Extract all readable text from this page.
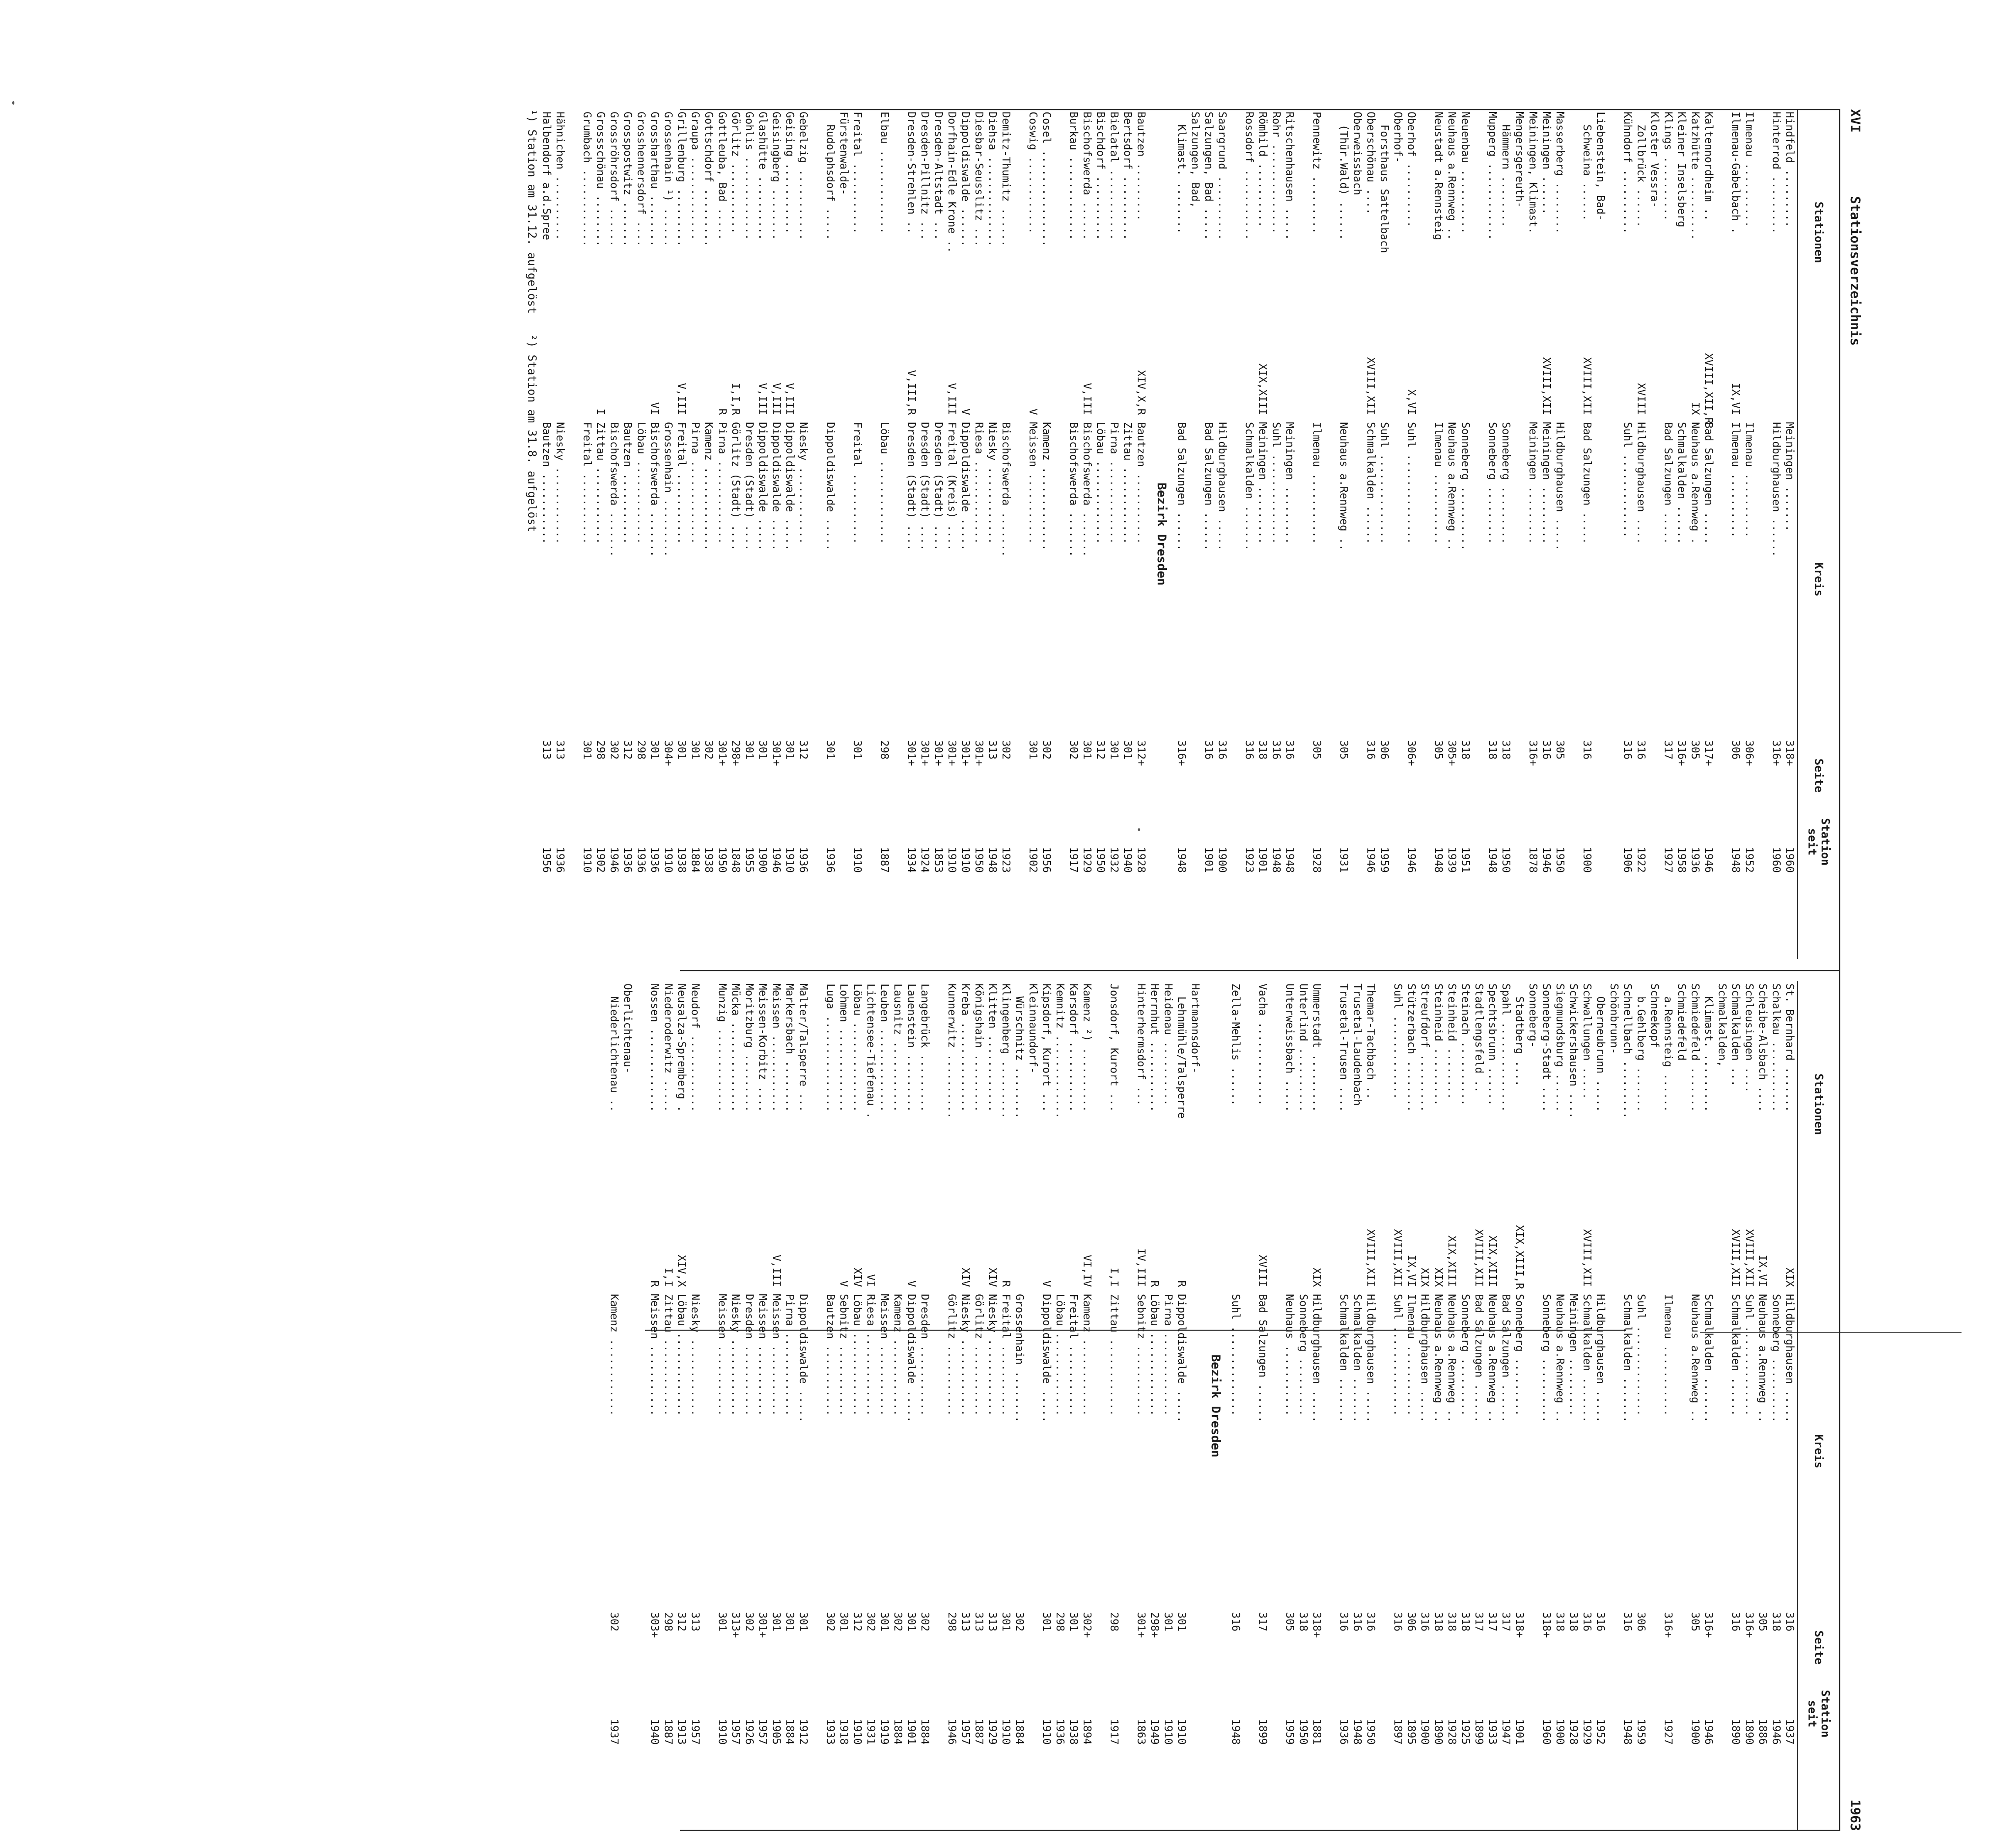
XVI
Stationsverzeichnis
1963
Stationen
Kreis
Seite
Station seit
Hindfeld .........
Meiningen .......
318+
1960
Hinterrod .........
Hildburghausen ......
316+
1960
Ilmenau ..........
Ilmenau ..........
306+
1952
Ilmenau-Gabelbach .
IX,VI
Ilmenau ..........
306
1948
Kaltennordheim ..
XVIII,XII,R
Bad Salzungen .....
317+
1946
Katzhütte ..........
IX
Neuhaus a.Rennweg .
305
1936
Kleiner Inselsberg
Schmalkalden ......
316+
1958
Klings ..........
Bad Salzungen .....
317
1927
Kloster Vessra-
Zollbrück ......
XVIII
Hildburghausen ....
316
1922
Kühndorf ..........
Suhl .............
316
1906
Liebenstein, Bad-
Schweina ......
XVIII,XII
Bad Salzungen .....
316
1900
Masserberg ........
Hildburghausen .....
305
1950
Meiningen ......
XVIII,XII
Meiningen .........
316
1946
Meiningen, Klimast.
Meiningen .........
316+
1878
Mengersgereuth-
Hämmern ........
Sonneberg .........
318
1950
Mupperg ............
Sonneberg .........
318
1948
Neuenbau ..........
Sonneberg ..........
318
1951
Neuhaus a.Rennweg ..
Neuhaus a.Rennweg ..
305+
1939
Neustadt a.Rennsteig
Ilmenau ...........
305
1948
Oberhof ..........
X,VI
Suhl ..............
306+
1946
Oberhof-
Forsthaus Sattelbach
Suhl ..............
306
1959
Oberschönau ....
XVIII,XII
Schmalkalden ......
316
1946
Oberweissbach
(Thür.Wald) ......
Neuhaus a.Rennweg ..
305
1931
Pennewitz .........
Ilmenau ...........
305
1928
Ritschenhausen .....
Meiningen .........
316
1948
Rohr ..............
Suhl ..............
316
1948
Römhild ..........
XIX,XIII
Meiningen .........
318
1901
Rossdorf ...........
Schmalkalden .......
316
1923
Saargrund ..........
Hildburghausen .....
316
1900
Salzungen, Bad .....
Bad Salzungen ......
316
1901
Salzungen, Bad,
Klimast. ........
Bad Salzungen ......
316+
1948
Bezirk Dresden
Bautzen .........
XIV,X,R
Bautzen ...........
312+
1928
Bertsdorf ..........
Zittau ............
301
1940
Bielatal ...........
Pirna .............
301
1932
Bischdorf ..........
Löbau .............
312
1950
Bischofswerda ......
V,III
Bischofswerda .......
301
1929
Burkau .............
Bischofswerda .......
302
1917
Cosel ...............
Kamenz .............
302
1956
Coswig ............
V
Meissen ...........
301
1902
Demitz-Thumitz ......
Bischofswerda .......
302
1923
Diehsa ..............
Niesky ............
313
1948
Diesbar-Seusslitz ...
Riesa .............
301+
1950
Dippoldiswalde ......
V
Dippoldiswalde .....
301+
1910
Dorfhain-Edle Krone ..
V,III
Freital (Kreis) ....
301+
1910
Dresden-Altstadt ...
Dresden (Stadt) ....
301+
1853
Dresden-Pillnitz ...
Dresden (Stadt) ....
301+
1924
Dresden-Strehlen ..
V,III,R
Dresden (Stadt) ....
301+
1934
Elbau .............
Löbau .............
298
1887
Freital ...........
Freital ...........
301
1910
Fürstenwalde-
Rudolphsdorf .....
Dippoldiswalde .....
301
1936
Gebelzig ...........
Niesky ............
312
1936
Geising ...........
V,III
Dippoldiswalde .....
301
1910
Geisingberg ........
V,III
Dippoldiswalde .....
301+
1946
Glashütte ..........
V,III
Dippoldiswalde .....
301
1900
Gohlis .............
Dresden (Stadt) ....
301
1955
Görlitz ...........
I,I,R
Görlitz (Stadt) ....
298+
1848
Gottleuba, Bad .....
R
Pirna .............
301+
1950
Gottschdorf .........
Kamenz .............
302
1938
Graupa .............
Pirna .............
301
1884
Grillenburg .........
V,III
Freital ...........
301
1938
Grossenhain ¹) ......
Grossenhain .........
304+
1910
Grossharthau ........
VI
Bischofswerda .......
301
1936
Grosshennersdorf ....
Löbau .............
298
1936
Grosspostwitz .......
Bautzen ...........
312
1936
Grossröhrsdorf ......
Bischofswerda .......
302
1946
Grossschönau ........
I
Zittau ............
298
1902
Grumbach ............
Freital ...........
301
1910
Hähnichen ..........
Niesky ............
313
1936
Halbendorf a.d.Spree
Bautzen ...........
313
1956
¹) Station am 31.12. aufgelöst   ²) Station am 31.8. aufgelöst
Stationen
Kreis
Seite
Station seit
St. Bernhard .......
XIX
Hildburghausen .....
316
1937
Schalkau ...........
Sonneberg ..........
318
1946
Scheibe-Alsbach ....
IX,VI
Neuhaus a.Rennweg ..
305
1886
Schleusingen ....
XVIII,XII
Suhl ..............
316+
1890
Schmalkalden ...
XVIII,XII
Schmalkalden ......
316
1890
Schmalkalden,
Klimast. .........
Schmalkalden .......
316+
1946
Schmiedefeld .......
Neuhaus a.Rennweg ..
305
1900
Schmiedefeld
a.Rennsteig ......
Ilmenau ...........
316+
1927
Schneekopf
b.Gehlberg .......
Suhl ..............
306
1959
Schnellbach .........
Schmalkalden .......
316
1948
Schönbrunn-
Oberneubrunn .....
Hildburghausen .....
316
1952
Schwallungen .....
XVIII,XII
Schmalkalden .......
316
1929
Schwickershausen ....
Meiningen .........
318
1928
Siegmundsburg ......
Neuhaus a.Rennweg ..
318
1900
Sonneberg-Stadt ....
Sonneberg ..........
318+
1960
Sonneberg-
Stadtberg ....
XIX,XIII,R
Sonneberg .........
318+
1901
Spahl ..............
Bad Salzungen ......
317
1947
Spechtsbrunn ......
XIX,XIII
Neuhaus a.Rennweg ..
317
1933
Stadtlengsfeld ..
XVIII,XII
Bad Salzungen ......
317
1899
Steinach ..........
Sonneberg .........
318
1925
Steinheid ........
XIX,XIII
Neuhaus a.Rennweg ..
318
1928
Steinheid .........
XIX
Neuhaus a.Rennweg ..
318
1890
Streufdorf .........
XIX
Hildburghausen .....
316
1900
Stützerbach ........
IX,VI
Ilmenau ...........
306
1895
Suhl .............
XVIII,XII
Suhl ..............
316
1897
Themar-Tachbach ..
XVIII,XII
Hildburghausen .....
316
1950
Trusetal-Laudenbach
Schmalkalden .......
316
1948
Trusetal-Trusen ....
Schmalkalden .......
316
1936
Ummerstadt .........
XIX
Hildburghausen .....
318+
1881
Unterlind ..........
Sonneberg .........
318
1950
Unterweissbach .....
Neuhaus ...........
305
1959
Vacha .............
XVIII
Bad Salzungen ......
317
1899
Zella-Mehlis ......
Suhl ..............
316
1948
Bezirk Dresden
Hartmannsdorf-
Lehnmühle/Talsperre
R
Dippoldiswalde .....
301
1910
Heidenau ..........
Pirna .............
301
1910
Herrnhut ...........
R
Löbau .............
298+
1949
Hinterhermsdorf ...
IV,III
Sebnitz ...........
301+
1863
Jonsdorf, Kurort ...
I,I
Zittau ............
298
1917
Kamenz ²) ..........
VI,IV
Kamenz ............
302+
1894
Karsdorf ...........
Freital ...........
301
1938
Kemnitz .............
Löbau .............
298
1936
Kipsdorf, Kurort ...
V
Dippoldiswalde .....
301
1910
Kleinnaundorf-
Würschnitz ........
Grossenhain ........
302
1884
Klingenberg .........
R
Freital ...........
301
1910
Klitten ............
XIV
Niesky ............
313
1929
Königshain .........
Görlitz ...........
313
1887
Kreba ..............
XIV
Niesky ............
313
1957
Kunnerwitz ..........
Görlitz ...........
298
1946
Langebrück .........
Dresden ...........
302
1884
Lauenstein .........
V
Dippoldiswalde .....
301
1901
Lausnitz ...........
Kamenz ............
302
1884
Leuben .............
Meissen ...........
301
1919
Lichtensee-Tiefenau .
VI
Riesa .............
302
1931
Löbau ..............
XIV
Löbau .............
312
1910
Lohmen .............
V
Sebnitz ...........
301
1918
Luga ...............
Bautzen ...........
302
1933
Malter/Talsperre ...
Dippoldiswalde .....
301
1912
Markersbach ........
Pirna .............
301
1884
Meissen ............
V,III
Meissen ...........
301
1905
Meissen-Korbitz ....
Meissen ...........
301+
1957
Moritzburg .........
Dresden ...........
302
1926
Mücka ..............
Niesky ............
313+
1957
Munzig .............
Meissen ...........
301
1910
Neudorf ............
Niesky ............
313
1957
Neusalza-Spremberg .
XIV,X
Löbau .............
312
1913
Niederoderwitz .....
I,I
Zittau ............
298
1887
Nossen .............
R
Meissen ...........
303+
1940
Oberlichtenau-
Niederlichtenau ..
Kamenz ............
302
1937
